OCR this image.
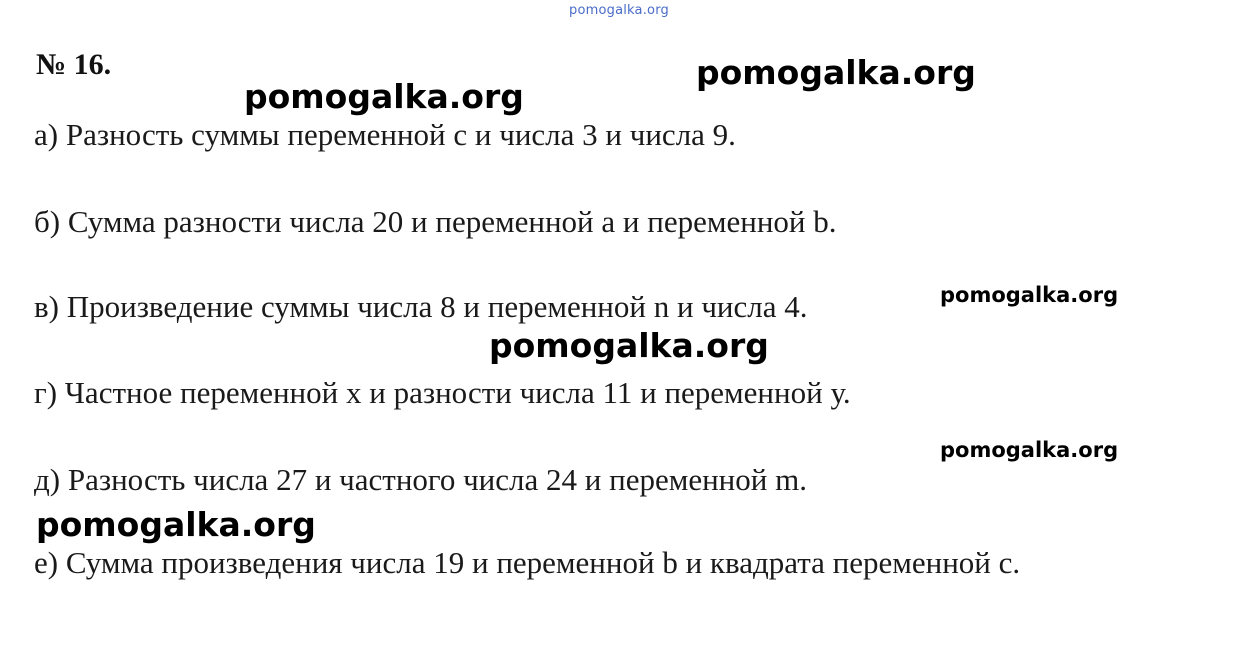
pomogalka.org
№ 16.
а) Разность суммы переменной с и числа 3 и числа 9.
б) Сумма разности числа 20 и переменной а и переменной b.
в) Произведение суммы числа 8 и переменной n и числа 4.
г) Частное переменной х и разности числа 11 и переменной у.
д) Разность числа 27 и частного числа 24 и переменной m.
е) Сумма произведения числа 19 и переменной b и квадрата переменной с.
pomogalka.org
pomogalka.org
pomogalka.org
pomogalka.org
pomogalka.org
pomogalka.org
